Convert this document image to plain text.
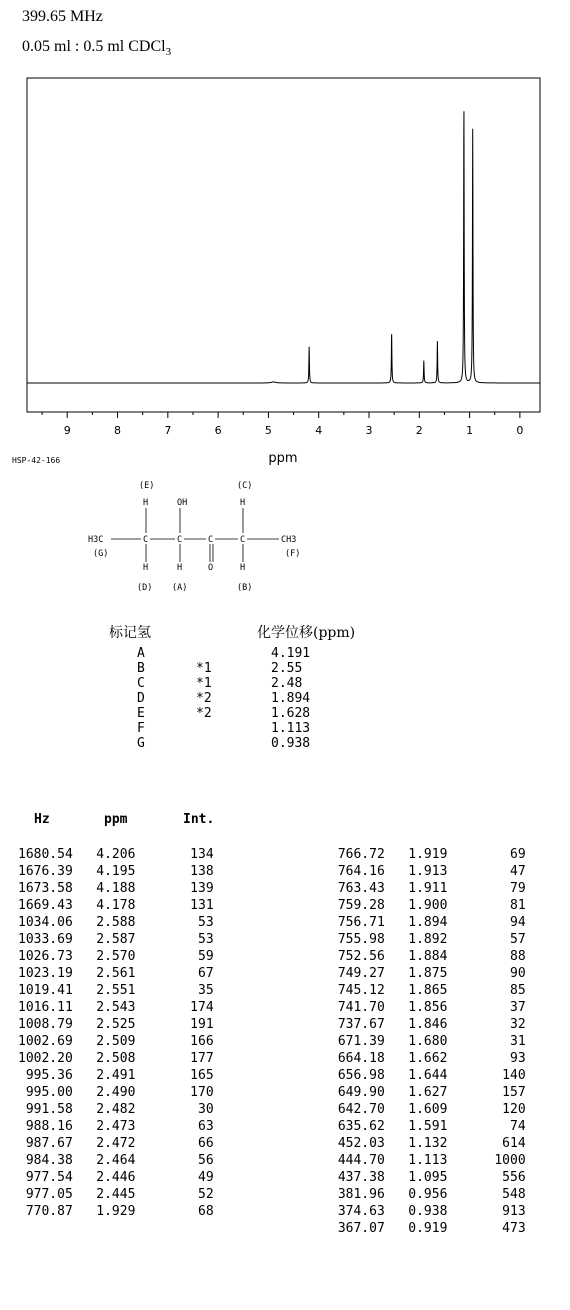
399.65 MHz
0.05 ml : 0.5 ml CDCl$_3$
9	8	7	6	5	4	3	2	1	0
ppm
HSP-42-166
(E)
OH
(C)
H	H
H3C	C	C	C	C	CH3
(G)	(F)
O
H	H	H
(D) (A)	(B)
标记氢	化学位移(ppm)
A	4.191
B	*1	2.55
C	*1	2.48
D	*2	1.894
E	*2	1.628
F	1.113
G	0.938
Hz	ppm	Int.
1680.54   4.206       134
1676.39   4.195       138
1673.58   4.188       139
1669.43   4.178       131
1034.06   2.588        53
1033.69   2.587        53
1026.73   2.570        59
1023.19   2.561        67
1019.41   2.551        35
1016.11   2.543       174
1008.79   2.525       191
1002.69   2.509       166
1002.20   2.508       177
995.36   2.491       165
995.00   2.490       170
991.58   2.482        30
988.16   2.473        63
987.67   2.472        66
984.38   2.464        56
977.54   2.446        49
977.05   2.445        52
770.87   1.929        68
766.72   1.919        69
764.16   1.913        47
763.43   1.911        79
759.28   1.900        81
756.71   1.894        94
755.98   1.892        57
752.56   1.884        88
749.27   1.875        90
745.12   1.865        85
741.70   1.856        37
737.67   1.846        32
671.39   1.680        31
664.18   1.662        93
656.98   1.644       140
649.90   1.627       157
642.70   1.609       120
635.62   1.591        74
452.03   1.132       614
444.70   1.113      1000
437.38   1.095       556
381.96   0.956       548
374.63   0.938       913
367.07   0.919       473
